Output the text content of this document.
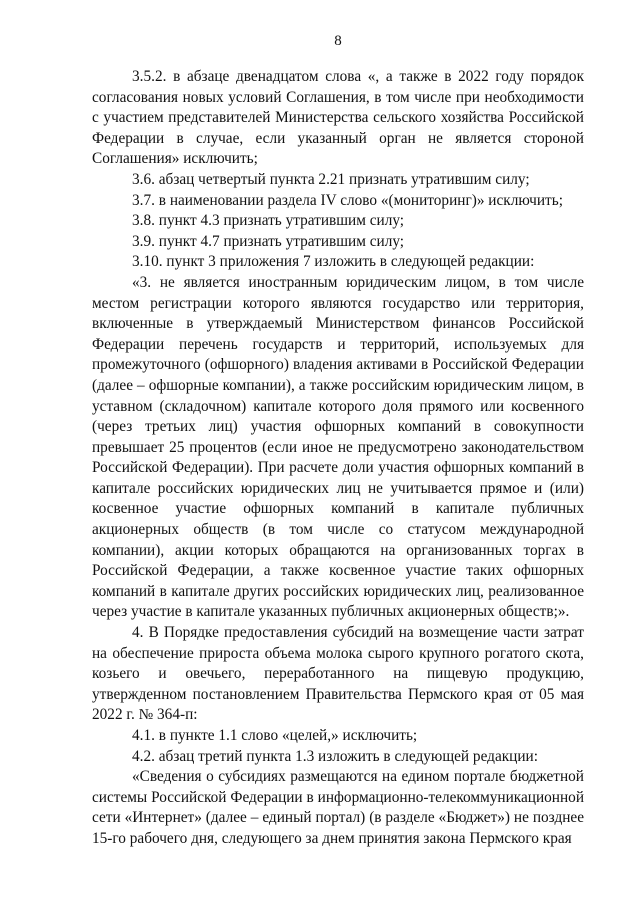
8

3.5.2. в абзаце двенадцатом слова «, а также в 2022 году порядок согласования новых условий Соглашения, в том числе при необходимости с участием представителей Министерства сельского хозяйства Российской Федерации в случае, если указанный орган не является стороной Соглашения» исключить;

3.6. абзац четвертый пункта 2.21 признать утратившим силу;

3.7. в наименовании раздела IV слово «(мониторинг)» исключить;

3.8. пункт 4.3 признать утратившим силу;

3.9. пункт 4.7 признать утратившим силу;

3.10. пункт 3 приложения 7 изложить в следующей редакции:

«3. не является иностранным юридическим лицом, в том числе местом регистрации которого являются государство или территория, включенные в утверждаемый Министерством финансов Российской Федерации перечень государств и территорий, используемых для промежуточного (офшорного) владения активами в Российской Федерации (далее – офшорные компании), а также российским юридическим лицом, в уставном (складочном) капитале которого доля прямого или косвенного (через третьих лиц) участия офшорных компаний в совокупности превышает 25 процентов (если иное не предусмотрено законодательством Российской Федерации). При расчете доли участия офшорных компаний в капитале российских юридических лиц не учитывается прямое и (или) косвенное участие офшорных компаний в капитале публичных акционерных обществ (в том числе со статусом международной компании), акции которых обращаются на организованных торгах в Российской Федерации, а также косвенное участие таких офшорных компаний в капитале других российских юридических лиц, реализованное через участие в капитале указанных публичных акционерных обществ;».

4. В Порядке предоставления субсидий на возмещение части затрат на обеспечение прироста объема молока сырого крупного рогатого скота, козьего и овечьего, переработанного на пищевую продукцию, утвержденном постановлением Правительства Пермского края от 05 мая 2022 г. № 364-п:

4.1. в пункте 1.1 слово «целей,» исключить;

4.2. абзац третий пункта 1.3 изложить в следующей редакции:

«Сведения о субсидиях размещаются на едином портале бюджетной системы Российской Федерации в информационно-телекоммуникационной сети «Интернет» (далее – единый портал) (в разделе «Бюджет») не позднее 15-го рабочего дня, следующего за днем принятия закона Пермского края
